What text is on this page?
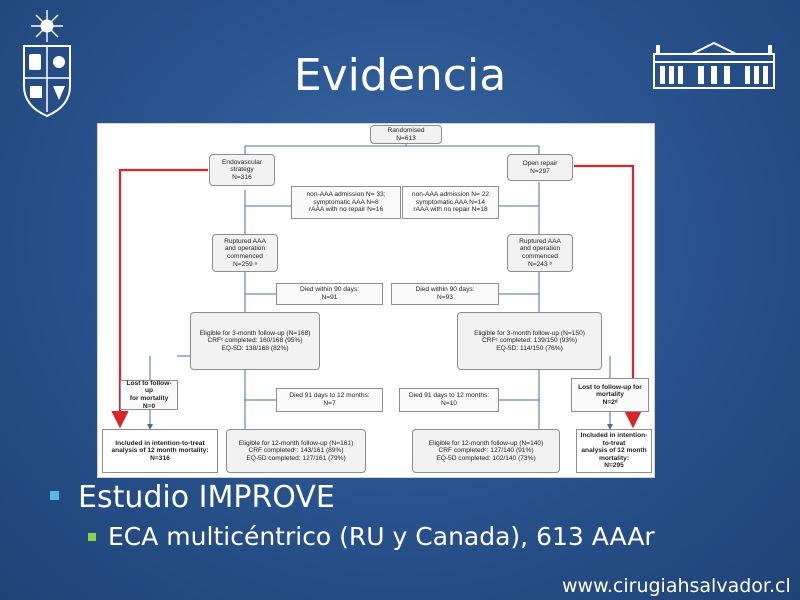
Evidencia
Randomised
N=613
Endovascular
strategy
N=316
Open repair
N=297
non-AAA admission N= 33;
symptomatic AAA N=8
rAAA with no repair N=16
non-AAA admission N= 22
symptomatic AAA N=14
rAAA with no repair N=18
Ruptured AAA
and operation
commenced
N=259 ᵃ
Ruptured AAA
and operation
commenced
N=243 ᵇ
Died within 90 days:
N=91
Died within 90 days:
N=93
Eligible for 3-month follow-up (N=168)
CRFᶜ completed: 160/168 (95%)
EQ-5D: 138/168 (82%)
Eligible for 3-month follow-up (N=150)
CRFᶜ completed: 139/150 (93%)
EQ-5D: 114/150 (76%)
Lost to follow-up
for mortality
N=0
Lost to follow-up for
mortality
N=2ᵈ
Died 91 days to 12 months:
N=7
Died 91 days to 12 months:
N=10
Included in intention-to-treat
analysis of 12 month mortality:
N=316
Included in intention-to-treat
analysis of 12 month mortality:
N=295
Eligible for 12-month follow-up (N=161)
CRF completedᶜ: 143/161 (89%)
EQ-5D completed: 127/161 (79%)
Eligible for 12-month follow-up (N=140)
CRF completedᶜ: 127/140 (91%)
EQ-5D completed: 102/140 (73%)
Estudio IMPROVE
ECA multicéntrico (RU y Canada), 613 AAAr
www.cirugiahsalvador.cl
